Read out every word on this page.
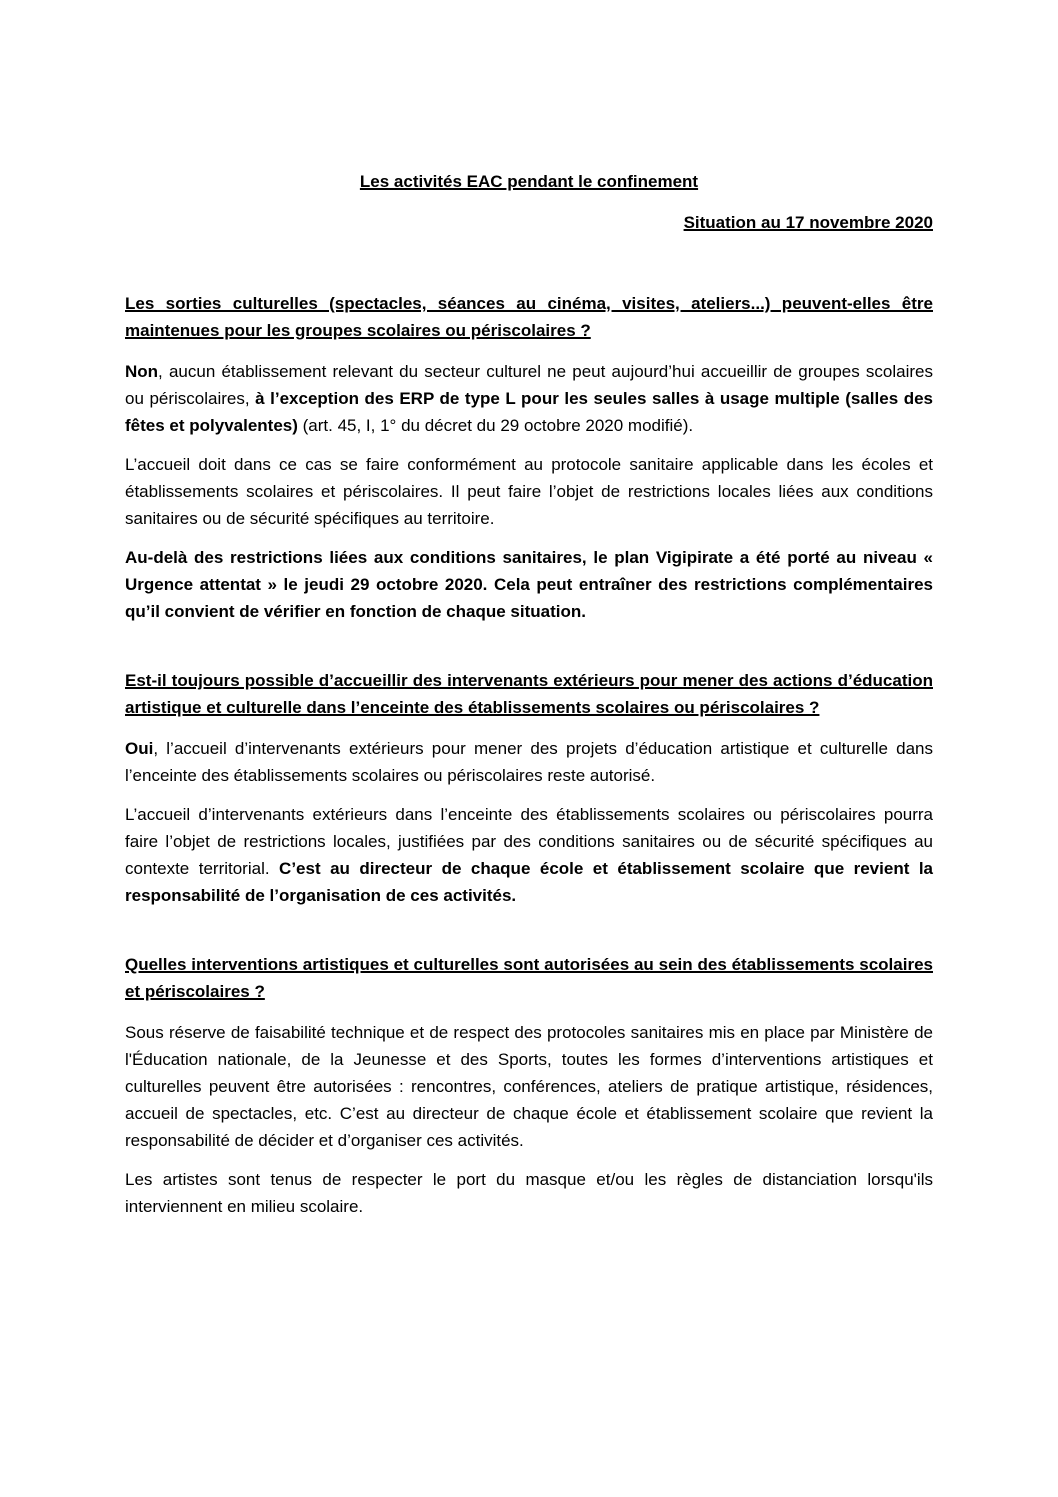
Les activités EAC pendant le confinement

Situation au 17 novembre 2020

Les sorties culturelles (spectacles, séances au cinéma, visites, ateliers...) peuvent-elles être maintenues pour les groupes scolaires ou périscolaires ?

Non, aucun établissement relevant du secteur culturel ne peut aujourd’hui accueillir de groupes scolaires ou périscolaires, à l’exception des ERP de type L pour les seules salles à usage multiple (salles des fêtes et polyvalentes) (art. 45, I, 1° du décret du 29 octobre 2020 modifié).

L’accueil doit dans ce cas se faire conformément au protocole sanitaire applicable dans les écoles et établissements scolaires et périscolaires. Il peut faire l’objet de restrictions locales liées aux conditions sanitaires ou de sécurité spécifiques au territoire.

Au-delà des restrictions liées aux conditions sanitaires, le plan Vigipirate a été porté au niveau « Urgence attentat » le jeudi 29 octobre 2020. Cela peut entraîner des restrictions complémentaires qu’il convient de vérifier en fonction de chaque situation.

Est-il toujours possible d’accueillir des intervenants extérieurs pour mener des actions d’éducation artistique et culturelle dans l’enceinte des établissements scolaires ou périscolaires ?

Oui, l’accueil d’intervenants extérieurs pour mener des projets d’éducation artistique et culturelle dans l’enceinte des établissements scolaires ou périscolaires reste autorisé.

L’accueil d’intervenants extérieurs dans l’enceinte des établissements scolaires ou périscolaires pourra faire l’objet de restrictions locales, justifiées par des conditions sanitaires ou de sécurité spécifiques au contexte territorial. C’est au directeur de chaque école et établissement scolaire que revient la responsabilité de l’organisation de ces activités.

Quelles interventions artistiques et culturelles sont autorisées au sein des établissements scolaires et périscolaires ?

Sous réserve de faisabilité technique et de respect des protocoles sanitaires mis en place par Ministère de l'Éducation nationale, de la Jeunesse et des Sports, toutes les formes d’interventions artistiques et culturelles peuvent être autorisées : rencontres, conférences, ateliers de pratique artistique, résidences, accueil de spectacles, etc. C’est au directeur de chaque école et établissement scolaire que revient la responsabilité de décider et d’organiser ces activités.

Les artistes sont tenus de respecter le port du masque et/ou les règles de distanciation lorsqu'ils interviennent en milieu scolaire.
